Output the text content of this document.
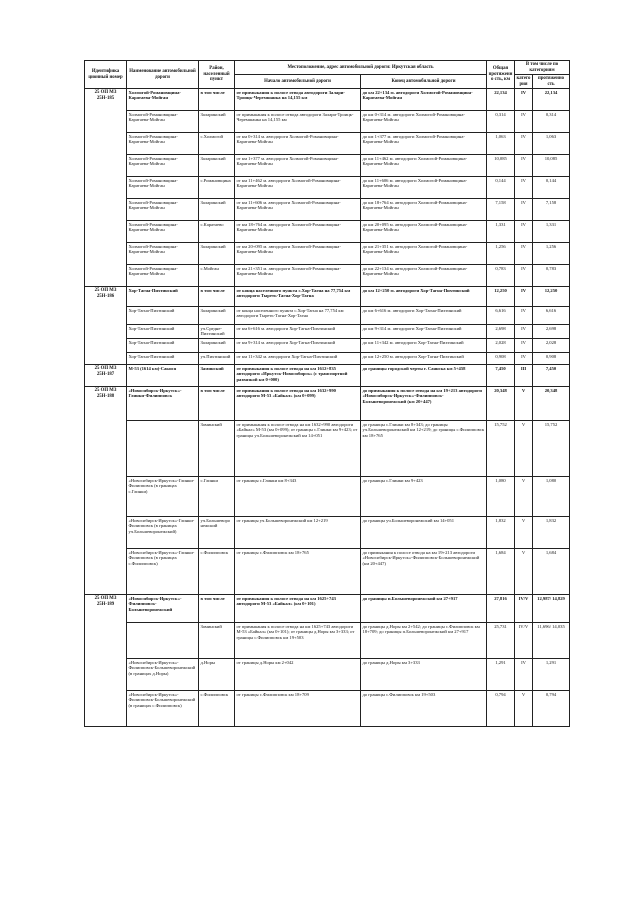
Идентифика ционный номер	Наименование автомобильной дороги	Район, населенный пункт	Местоположение, адрес автомобильной дороги: Иркутская область		Общая протяженно сть, км	В том числе по категориям	
			Начало автомобильной дороги	Конец автомобильной дороги		категория	протяженно сть
25 ОП МЗ 25Н-185	Холмогой-Романовщина-Каратаева-Мойган	в том числе	от примыкания к полосе отвода автодороги Залари-Троицк-Черемшанка на 14,155 км	до км 22+134 м. автодороги Холмогой-Романовщина-Каратаева-Мойган	22,134	IV	22,134
	Холмогой-Романовщина-Каратаева-Мойган	Заларинский	от примыкания к полосе отвода автодороги Залари-Троицк-Черемшанка на 14,155 км	до км 0+314 м. автодороги Холмогой-Романовщина-Каратаева-Мойган	0,314	IV	0,314
	Холмогой-Романовщина-Каратаева-Мойган	с.Холмогой	от км 0+314 м. автодороги Холмогой-Романовщина-Каратаева-Мойган	до км 1+377 м. автодороги Холмогой-Романовщина-Каратаева-Мойган	1,063	IV	1,063
	Холмогой-Романовщина-Каратаева-Мойган	Заларинский	от км 1+377 м. автодороги Холмогой-Романовщина-Каратаева-Мойган	до км 11+462 м. автодороги Холмогой-Романовщина-Каратаева-Мойган	10,085	IV	10,085
	Холмогой-Романовщина-Каратаева-Мойган	с.Романовщина	от км 11+462 м. автодороги Холмогой-Романовщина-Каратаева-Мойган	до км 11+606 м. автодороги Холмогой-Романовщина-Каратаева-Мойган	0,144	IV	0,144
	Холмогой-Романовщина-Каратаева-Мойган	Заларинский	от км 11+606 м. автодороги Холмогой-Романовщина-Каратаева-Мойган	до км 18+764 м. автодороги Холмогой-Романовщина-Каратаева-Мойган	7,158	IV	7,158
	Холмогой-Романовщина-Каратаева-Мойган	с.Каратаево	от км 18+764 м. автодороги Холмогой-Романовщина-Каратаева-Мойган	до км 20+095 м. автодороги Холмогой-Романовщина-Каратаева-Мойган	1,331	IV	1,331
	Холмогой-Романовщина-Каратаева-Мойган	Заларинский	от км 20+095 м. автодороги Холмогой-Романовщина-Каратаева-Мойган	до км 21+351 м. автодороги Холмогой-Романовщина-Каратаева-Мойган	1,256	IV	1,256
	Холмогой-Романовщина-Каратаева-Мойган	с.Мойган	от км 21+351 м. автодороги Холмогой-Романовщина-Каратаева-Мойган	до км 22+134 м. автодороги Холмогой-Романовщина-Каратаева-Мойган	0,783	IV	0,783
25 ОП МЗ 25Н-186	Хор-Тагна-Пихтинский	в том числе	от конца населенного пункта с.Хор-Тагна на 77,754 км автодороги Тыреть-Тагна-Хор-Тагна	до км 12+250 м. автодороги Хор-Тагна-Пихтинский	12,250	IV	12,250
	Хор-Тагна-Пихтинский	Заларинский	от конца населенного пункта с.Хор-Тагна на 77,754 км автодороги Тыреть-Тагна-Хор-Тагна	до км 6+616 м. автодороги Хор-Тагна-Пихтинский	6,616	IV	6,616
	Хор-Тагна-Пихтинский	уч.Средне-Пихтинский	от км 6+616 м. автодороги Хор-Тагна-Пихтинский	до км 9+314 м. автодороги Хор-Тагна-Пихтинский	2,698	IV	2,698
	Хор-Тагна-Пихтинский	Заларинский	от км 9+314 м. автодороги Хор-Тагна-Пихтинский	до км 11+342 м. автодороги Хор-Тагна-Пихтинский	2,028	IV	2,028
	Хор-Тагна-Пихтинский	уч.Пихтинский	от км 11+342 м. автодороги Хор-Тагна-Пихтинский	до км 12+250 м. автодороги Хор-Тагна-Пихтинский	0,908	IV	0,908
25 ОП МЗ 25Н-187	М-53 (1614 км)-Сакися	Заминский	от примыкания к полосе отвода на км 1612+835 автодороги «Иркутск-Новосибирск» (с транспортной развязкой км 0+000)	до границы городской черты г. Саянска км 5+458	7,450	III	7,450
25 ОП МЗ 25Н-188	«Новосибирск-Иркутск»-Глинки-Филипповск	в том числе	от примыкания к полосе отвода на км 1632+990 автодороги М-53 «Байкал» (км 0+099)	до примыкания к полосе отвода на км 19+213 автодороги «Новосибирск-Иркутск»-Филипповск-Большеворонежский (км 20+447)	20,348	V	20,348
		Заминский	от примыкания к полосе отвода на км 1632+990 автодороги «Байкал» М-53 (км 0+099); от границы с.Глинки км 9+423; от границы уч.Большеворонежский км 14+051	до границы с.Глинки км 8+343; до границы уч.Большеворонежский км 12+219; до границы с.Филипповск км 18+765	15,752	V	15,752
	«Новосибирск-Иркутск»-Глинки-Филипповск (в границах с.Глинки)	с.Глинки	от границы с.Глинки км 8+343	до границы с.Глинки км 9+423	1,080	V	1,080
	«Новосибирск-Иркутск»-Глинки-Филипповск (в границах уч.Большеворонежский)	уч.Большеворонежский	от границы уч.Большеворонежский км 12+219	до границы уч.Большеворонежский км 14+051	1,832	V	1,832
	«Новосибирск-Иркутск»-Глинки-Филипповск (в границах с.Филипповск)	с.Филипповск	от границы с.Филипповск км 18+765	до примыкания к полосе отвода на км 19+213 автодороги «Новосибирск-Иркутск»-Филипповск-Большеворонежский (км 20+447)	1,684	V	1,684
25 ОП МЗ 25Н-189	«Новосибирск-Иркутск»-Филипповск-Большеворонежский	в том числе	от примыкания к полосе отвода на км 1625+743 автодороги М-53 «Байкал» (км 0+101)	до границы п.Большеворонежский км 27+917	27,816	IV/V	12,987/ 14,829
		Заминский	от примыкания к полосе отвода на км 1625+743 автодороги М-53 «Байкал» (км 0+101); от границы д.Норы км 3+333; от границы с.Филипповск км 19+503	до границы д.Норы км 2+542; до границы с.Филипповск км 18+709; до границы п.Большеворонежский км 27+917	25,731	IV/V	11,696/ 14,035
	«Новосибирск-Иркутск»-Филипповск-Большеворонежский (в границах д.Норы)	д.Норы	от границы д.Норы км 2+042	до границы д.Норы км 3+333	1,291	IV	1,291
	«Новосибирск-Иркутск»-Филипповск-Большеворонежский (в границах с.Филипповск)	с.Филипповск	от границы с.Филипповск км 18+709	до границы с.Филипповск км 19+503	0,794	V	0,794
